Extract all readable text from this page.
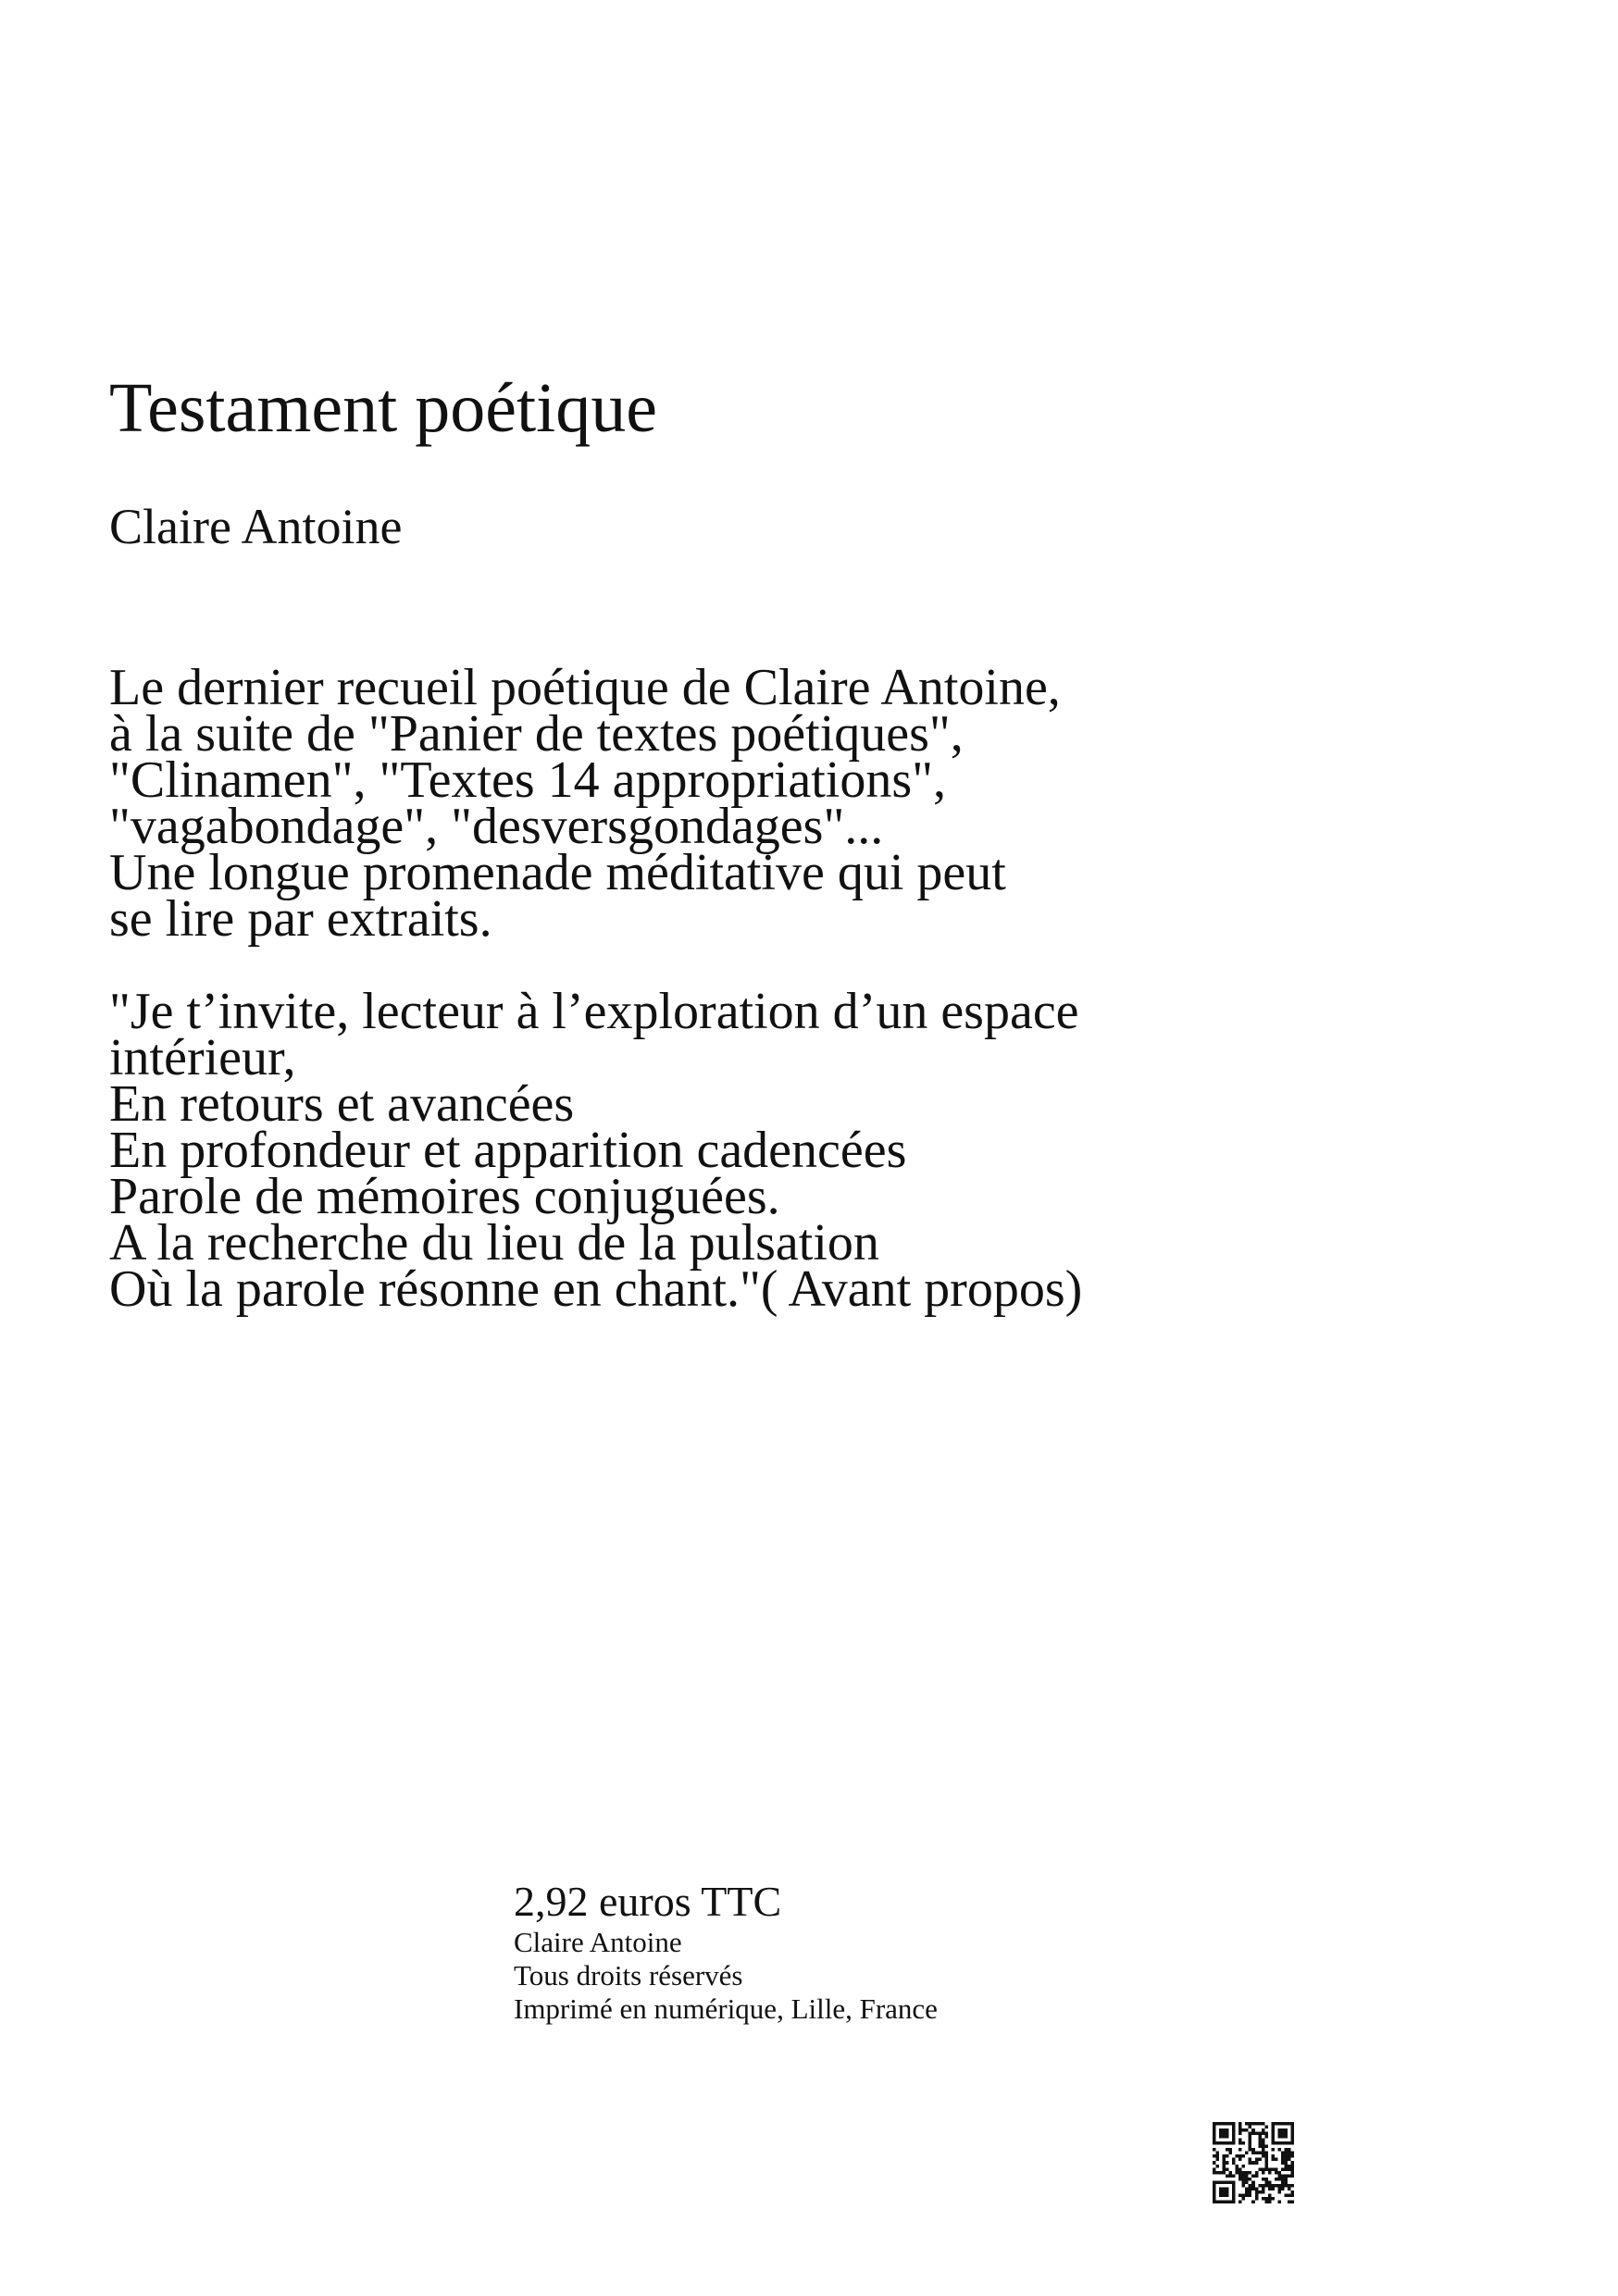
Testament poétique
Claire Antoine
Le dernier recueil poétique de Claire Antoine,
à la suite de "Panier de textes poétiques",
"Clinamen", "Textes 14 appropriations",
"vagabondage", "desversgondages"...
Une longue promenade méditative qui peut
se lire par extraits.
"Je t’invite, lecteur à l’exploration d’un espace
intérieur,
En retours et avancées
En profondeur et apparition cadencées
Parole de mémoires conjuguées.
A la recherche du lieu de la pulsation
Où la parole résonne en chant."( Avant propos)
2,92 euros TTC
Claire Antoine
Tous droits réservés
Imprimé en numérique, Lille, France
